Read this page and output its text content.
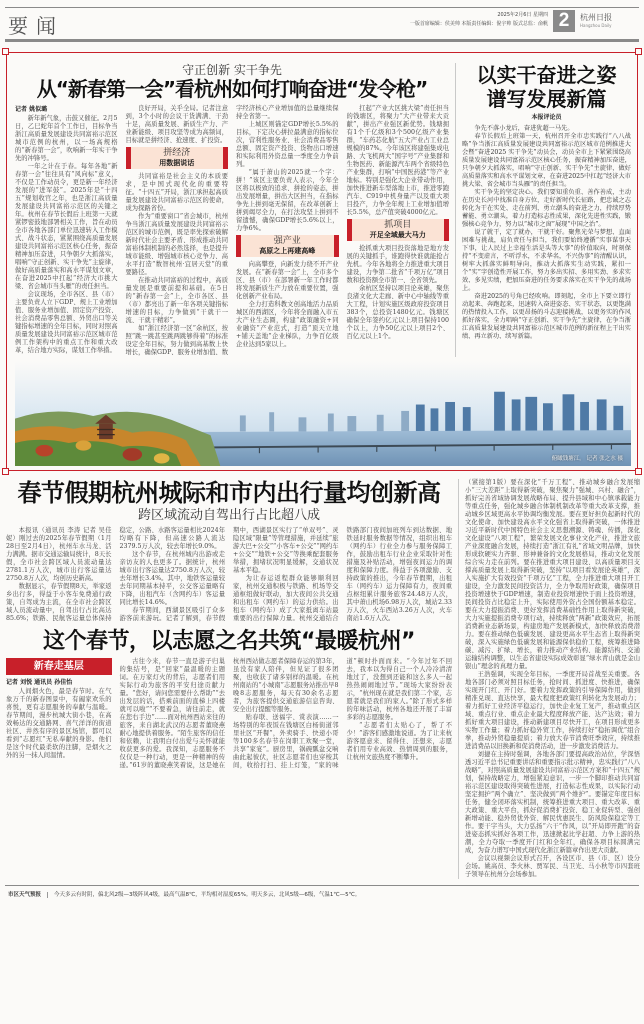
要闻	2025年2月6日 星期四
一版首席编辑：侯美帅 本版责任编辑：倪宇帅 版式总监：俞帆 2	杭州日报
Hangzhou Daily
守正创新 实干争先
从“新春第一会”看杭州如何打响奋进“发令枪”
记者 姚似璐

新年新气象，击鼓又催征。2月5日，乙巳蛇年首个工作日，目标争当浙江高质量发展建设共同富裕示范区城市范例的杭州，以一场高规格的“新春第一会”，吹响新一年实干争先的冲锋号。

一年之计在于春。每年各地“新春第一会”往往具有“风向标”意义，不仅是工作动员令，更是新一年经济发展的“进军鼓”。2025年是“十四五”规划收官之年，也是浙江高质量发展建设共同富裕示范区的关键之年。杭州在春节长假后上班第一天就紧锣密鼓地部署相关工作，旨在动员全市各地各部门单位迅速转入工作模式、战斗状态，紧紧围绕高质量发展建设共同富裕示范区核心任务，振奋精神加压奋进，只争朝夕大抓落实，唱响“守正创新、实干争先”主旋律，做好高质量落实和高水平谋划文章，在奋进2025中扛起“经济大市挑大梁、省会城市当头雁”的责任担当。

会议现场，全市各区、县（市）主要负责人立下GDP、规上工业增加值、服务业增加值、固定资产投资、社会消费品零售总额、外贸出口等关键指标增速的全年目标，同时对照高质量发展建设共同富裕示范区城市范例工作架构中的重点工作和重大改革，结合地方实际，谋划工作举措。

良好开局，关乎全局。记者注意到，3个小时的会议干货满满、干劲十足，高质量发展、新质生产力、产业新能级、项目攻坚等成为高频词，目标就是拼经济、抢速度、扩投资。

拼经济
用数据说话

共同富裕是社会主义的本质要求，是中国式现代化的重要特征。“十四五”开局，浙江承担起高质量发展建设共同富裕示范区的使命，成为探路省份。

作为“重要窗口”省会城市，杭州争当浙江高质量发展建设共同富裕示范区的城市范例，既是率先探索破解新时代社会主要矛盾、形成推动共同富裕体制机制的必然选择，也是提升城市能级、增强城市核心竞争力、高水平打造“数智杭州·宜居天堂”的重要路径。

在推动共同富裕的过程中，高质量发展是重要前提和基础。在5日的“新春第一会”上，全市各区、县（市）都亮出了新一年各项关键指标增速的目标，力争做到“干就干一流、干就干精彩”。

如“浙江经济第一区”余杭区，按照“跳一跳甚至跳两跳够得着”的标准设定全年目标，努力做到高基数上快增长，确保GDP、服务业增加值、数字经济核心产业增加值的总量继续保持全省第一。

上城区则锚定GDP增长5.5%的目标，下定决心拼拉最满意的指标位次，营利性服务业、社会消费品零售总额、固定资产投资、货物出口增速和实际利用外资总量一季度全力争前列。

“属于萧山的2025就一个字：拼！”该区主要负责人表示，今年全区将以极致的追求、拼抢的姿态，拼出发展增量，拼出大区担当，在指标争先上拼到毫无保留，在改革创新上拼到竭尽全力，在打法攻坚上拼到不留遗憾，确保GDP增长5.6%以上，力争6%。

强产业
高原之上再建高峰

向高攀登，向新发力绕不开产业发展。在“新春第一会”上，全市多个区、县（市）在部署新一年工作时都将发展新质生产力放在重要位置，强化创新产业布局。

全力打造科教文创高地活力品质城区的西湖区，今年将全面融入市五大产业生态圈，构建“政策融资+同业融资”产业范式，打造“顶天立地+铺天盖地”企业梯队，力争百亿级企业达到5家以上。

扛起“产业大区挑大梁”责任担当的钱塘区，将聚力“大产业带来大贡献”，拼出产业强区新优势。钱塘拥有1个千亿级和3个500亿级产业集群，“车药芯化航”五大产业占工业总规模的87%。今年该区将建强集成电路、大飞机两大“国字号”产业集群和生物医药、新能源汽车两个省级特色产业集群，打响“中国医药港”等产业地标。特别是强化大企业带动作用，加快推进新车型落地上市，推进零跑汽车、C919中机身量产以及重大项目投产，力争全年规上工业增加值增长5.5%，总产值突破4000亿元。

抓项目
开足全域最大马力

抢抓重大项目投资落地是地方发展的关键抓手，谁跑得快谁就能抢占先机。今年各地将全力推进重大项目建设，力争第二批省“千项万亿”项目数和投资额全市第一、全省领先。

余杭区坚持以项目论英雄，聚焦良渚文化大走廊、新中心中轴线等重大工程，计划实施区级政府投资项目383个，总投资1480亿元。钱塘区确保全年签约亿元以上项目保持100个以上，力争50亿元以上项目2个、百亿元以上1个。

以实干奋进之姿
谱写发展新篇
本报评论员

争先不落小龙后，奋进犹超一马先。

春节长假后上班第一天，杭州召开全市忠实践行“八八战略”争当浙江高质量发展建设共同富裕示范区城市范例推进大会暨“奋进2025 实干争先”动员会，动员全市上下紧紧围绕高质量发展建设共同富裕示范区核心任务，振奋精神加压奋进，只争朝夕大抓落实，唱响“守正创新、实干争先”主旋律，做好高质量落实和高水平谋划文章，在奋进2025中扛起“经济大市挑大梁、省会城市当头雁”的责任担当。

实干争先的坚定决心。我们要知重负重、善作善成，主动在历史长河中找准自身方位，走好新时代长征路，把忠诚之志转化为干在实处、走在前列、勇立潮头的奋进之力，持续厚势蓄能、勇立潮头，着力打造标志性成果，深化先进性实践，锻强核心竞争力，努力以“城市之窗”展现“中国之治”。

说了就干，定了就办，干就干好。聚焦光荣与梦想、直面困难与挑战，肩负责任与担当，我们要始终遵循“实事谋事天下事，让人民过上幸福生活是头等大事”的价值取向，时刻保持“不变虚言，不听浮水，不求华名，不兴伪事”的清醒认识，树牢大抓落实鲜明导向，推动大抓落实生动实践，紧扣一个“实”字创造性开展工作，努力多出实招、多用实劲、多求实效、多见实绩，把加压奋进的任务要求落实在实干争先的战场上。

奋进2025的号角已经吹响。即刻起，全市上下要立即行动起来、奔跑起来，迅速转入奋进姿态、实干状态，以更饱满的热情投入工作，以更昂扬的斗志迎接挑战，以更务实的作风抓好落实，全力唱响“守正创新、实干争先”主旋律，在争当浙江高质量发展建设共同富裕示范区城市范例的新征程上干出实绩、再立新功、续写新篇。

俯瞰钱塘江。 记者 张之水 摄
春节假期杭州城际和市内出行量均创新高
跨区域流动自驾出行占比超八成

本报讯（通讯员 李涛 记者 吴佳妮）刚过去的2025年春节假期（1月28日至2月4日），杭州车水马龙、活力满满。据市交通运输局统计，8天长假，全市社会跨区域人员流动量达2781.1万人次，城市出行客运量达2750.8万人次，均创历史新高。

数据显示，春节假期8天，举家返乡出行多，得益于小客车免费通行政策，自驾成为主流，在全市社会跨区域人员流动量中，自驾出行占比高达85.6%；铁路、民航客运量总体保持稳定，公路、水路客运量相比2024年均略有下降，但高速公路人流达2379.5万人次，较去年增长9.0%。

这个春节，在杭州城内出游或走亲访友的人也更多了。据统计，杭州城市出行客运量达2750.8万人次，较去年增长3.4%。其中，地铁客运量较去年同期基本持平，公交客运量略有下降，出租汽车（含网约车）客运量同比增长14.6%。

春节期间，西湖景区吸引了众多游客前来游玩。记者了解到，春节假期中，西湖景区实行了“单双号”、灵隐区域“限量”等管理措施，并延续“旅游大巴+公交”“小客车+公交”“网约车+公交”“地铁+公交”等换乘配套服务举措，拥堵状况明显缓解，交通状况基本平稳。

为让春运返程群众能够顺利回家，杭州交通积极与铁路、机场等交通枢纽做好联动，加大夜间公共交通和出租车（网约车）的运力供给。出租车（网约车）成了大家抵离车站最重要的出行保障力量。杭州交通结合铁路部门夜间加班列车到达数据、地铁延时服务数据等情况，组织出租车（网约车）行业全力参与服务保障工作，鼓励出租车行业企业采取针对性措施及补贴活动，增强夜间运力的调度和保障力度。得益于各项激励、支持政策的推出，今年春节假期，出租车（网约车）运力保障有力，夜间重点枢纽累计服务旅客24.48万人次，其中萧山机场6.98万人次，城站2.33万人次，火车西站3.26万人次，火车南站1.6万人次。

这个春节，以志愿之名共筑“最暖杭州”
新春走基层
记者 刘悦 通讯员 孙佳怡

人间烟火色，最是春节时。在气象万千的新春图景中，有阖家欢乐的喜悦，更有志愿服务的奉献与温暖。春节期间，漫步杭城大街小巷，在高效畅达的交通路网、喜气洋洋的街道社区、井然有序的景区场馆，都可以看到“志愿红”无私奉献的身影。他们是这个时代最柔软的注脚，是烟火之外的另一抹人间温情。

古往今来，春节一直是游子归巢的集结号，是“回家”最温暖的主题词。在万家灯火的背后，志愿者们用实际行动为旅客的平安归途贡献力量。“您好，请问您需要什么帮助”“去出发层的话，搭乘前面的直梯上四楼就可以啦”“不要着急，请往前走，就在您右手边”……面对杭州西站来往的旅客，来自湖北武汉的志愿者董晓燕耐心地提供着服务。“陌生旅客的信任和依赖，让我明白付出爱与关怀就能收获更多的爱。我深知，志愿服务不仅仅是一种行动，更是一种精神的传递。”61岁的董晓燕笑着说，这是她在杭州西站做志愿者保障春运的第3年，虽没有家人陪伴，但见证了很多团聚，也收获了诸多别样的温暖。在杭州南站的“小城南”志愿服务站推出早8晚8志愿服务，每天有30余名志愿者，为旅客提供交通旅游信息咨询、安全出行提醒等服务。

贴春联、送福字、赏表演……一场特别的年夜饭在钱塘区白杨街道邻里社区“开餐”，外卖骑手、快递小哥等100多名春节在岗职工欢聚一堂，共享“家宴”。厨房里，锅碗瓢盆交响曲此起彼伏，社区志愿者们也穿梭其间，收拾打扫、挂上灯笼，“家的味道”顿时扑面而来。“今年过年不回去，我本以为得自己一个人冷冷清清地过了，没想到还能和这么多人一起热热闹闹地过节。”现场大家纷纷表示，“杭州现在就是我们第二个家，志愿者就是我们的家人。”除了形式多样的年味活动，杭州各地还开展了丰富多彩的志愿服务。

“志愿者们太贴心了，帮了不少！”游客们感激地说道。为了让来杭游客愿意来、留得住、还想来，志愿者们用专业高效、热情周到的服务，让杭州文旅热度不断攀升。

（紧接第1版）要在深化“千万工程”、推动城乡融合发展缩小“三大差距”上取得新突破，聚焦聚力“强城、兴村、融合”，抓好完善省域协调发展战略布局、提升县域和中心镇承载能力等重点任务，强化城乡融合体制机制改革等重大改革支撑，推动城乡区域更高水平协调均衡发展。要在更好担负起新时代的文化使命、加快建设高水平文化强省上取得新突破，一体推进习近平新时代中国特色社会主义思想溯源、铸魂、传播，深化文化建设“八项工程”，繁荣发展文化事业文化产业，推进文旅产业深度融合发展，持续打造“浙江有礼”省域文明品牌，加快形成软硬实力齐驱、形神兼备的文化发展格局，推动文化发展综合实力走在前列。要在推进重大项目建设、以高质量项目支撑高质量发展上取得新突破，坚持“以项目看发展论英雄”，深入实施扩大有效投资“千项万亿”工程，全力推进重大项目开工建设，全力激发民间投资活力，全力争取用好政策，确保项目投资增速快于GDP增速，制造业投资增速快于面上投资增速，民间投资占比稳定上升，实际使用外资占全国份额基本稳定。要在大力提振消费、更好发挥消费基础性作用上取得新突破，大力实施提振消费专项行动，持续释放“两新”政策效应，拓展消费新业态新场景，构建房地产发展新模式，加快释放消费潜力。要在推动绿色低碳发展、建设更高水平生态省上取得新突破，深入实施绿色低碳发展和能源保供稳价工程，统筹推进降碳、减污、扩绿、增长，着力推动产业结构、能源结构、交通运输结构调整，以生态省建设实际成效彰显“绿水青山就是金山银山”理念的真理力量。

王浩强调，实现全年目标，一季度开局首战至关重要。各地各部门必须对照目标任务，抢时间、抓进度、快推进，确保实现开门红、开门好。要着力发挥政策的引导保障作用，做到精准兑现、直达快享，最大程度把政策红利转化为发展动力；着力抓好工业经济平稳运行，加快企业复工复产，推动重点区域、重点行业、重点企业最大程度释放产能、达产达效；着力抓好重大项目建设，推动新建项目尽快开工，在项目形成更多实物工作量；着力抓好稳外贸工作，持续打好“稳拓调优”组合拳，推动外贸稳量提质；着力放大春节消费旺季效应，持续推进消费品以旧换新和促消费活动，进一步激发消费活力。

刘捷在主持时强调，各地各部门要提高政治站位，学深悟透习近平总书记重要讲话和重要指示批示精神，忠实践行“八八战略”，对照高质量发展建设共同富裕示范区方案和“十四五”规划，保持战略定力，增强紧迫意识，一步一个脚印推动共同富裕示范区建设取得突破性进展，打造标志性成果，以实际行动坚定拥护“两个确立”、坚决做到“两个维护”。要锚定年度目标任务，健全闭环落实机制，统筹推进重大项目、重大改革、重大政策、重大平台，抓好促消费扩投资、稳工业促转型、强创新增动能、稳外贸优外资、解民忧惠民生、防风险保稳定等工作。要干字当头，大力弘扬“六干”作风，以“开局即开跑”的奋进姿态抓实抓好各项工作，迅速掀起比学赶超、力争上游的热潮，全力夺取一季度开门红和全年红，确保各项目标圆满完成，为奋力谱写中国式现代化浙江新篇章作出更大贡献。

会议以视频会议形式召开，各设区市、县（市、区）设分会场。姚高员、李火林、贾军民、马卫光、马小秋等市四套班子领导在杭州分会场参加。

市区天气预报 今天多云有时阴，偏北风2级—3级阵风4级，最高气温8℃，平均相对湿度65%。明天多云，北风5级—6级，气温1℃—5℃。
